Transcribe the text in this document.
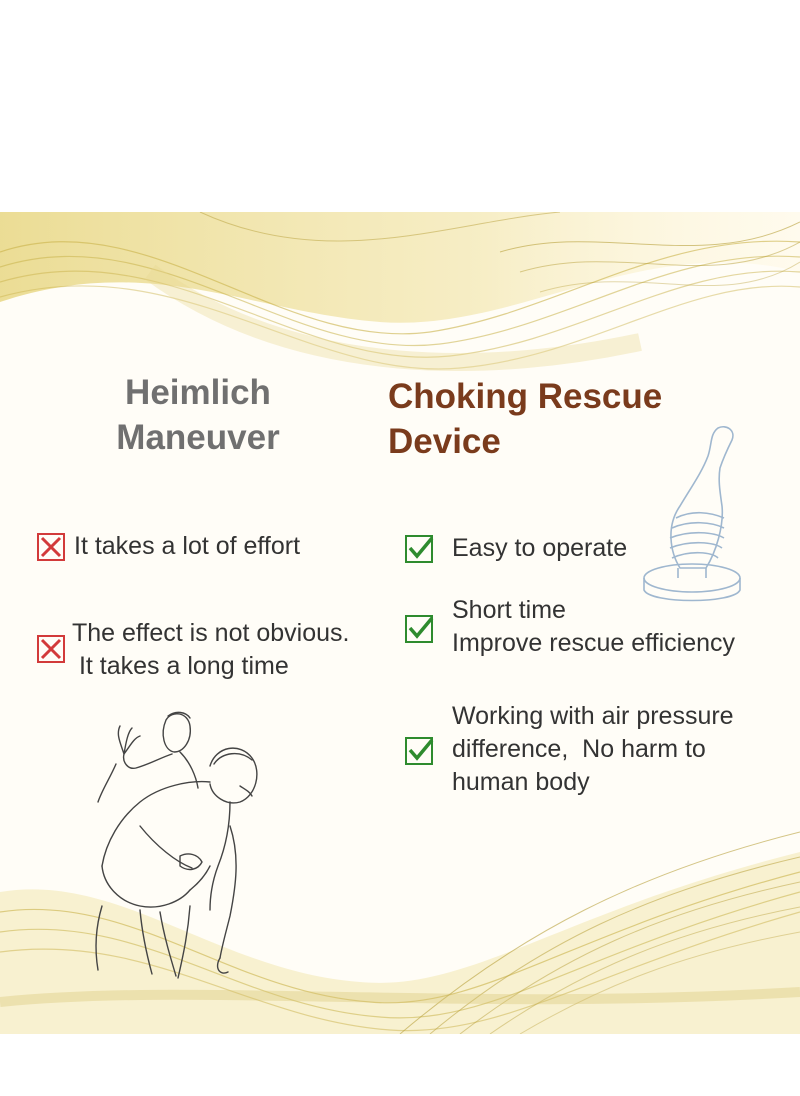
Heimlich
Maneuver
Choking Rescue
Device
It takes a lot of effort
The effect is not obvious.
It takes a long time
Easy to operate
Short time
Improve rescue efficiency
Working with air pressure
difference,  No harm to
human body
